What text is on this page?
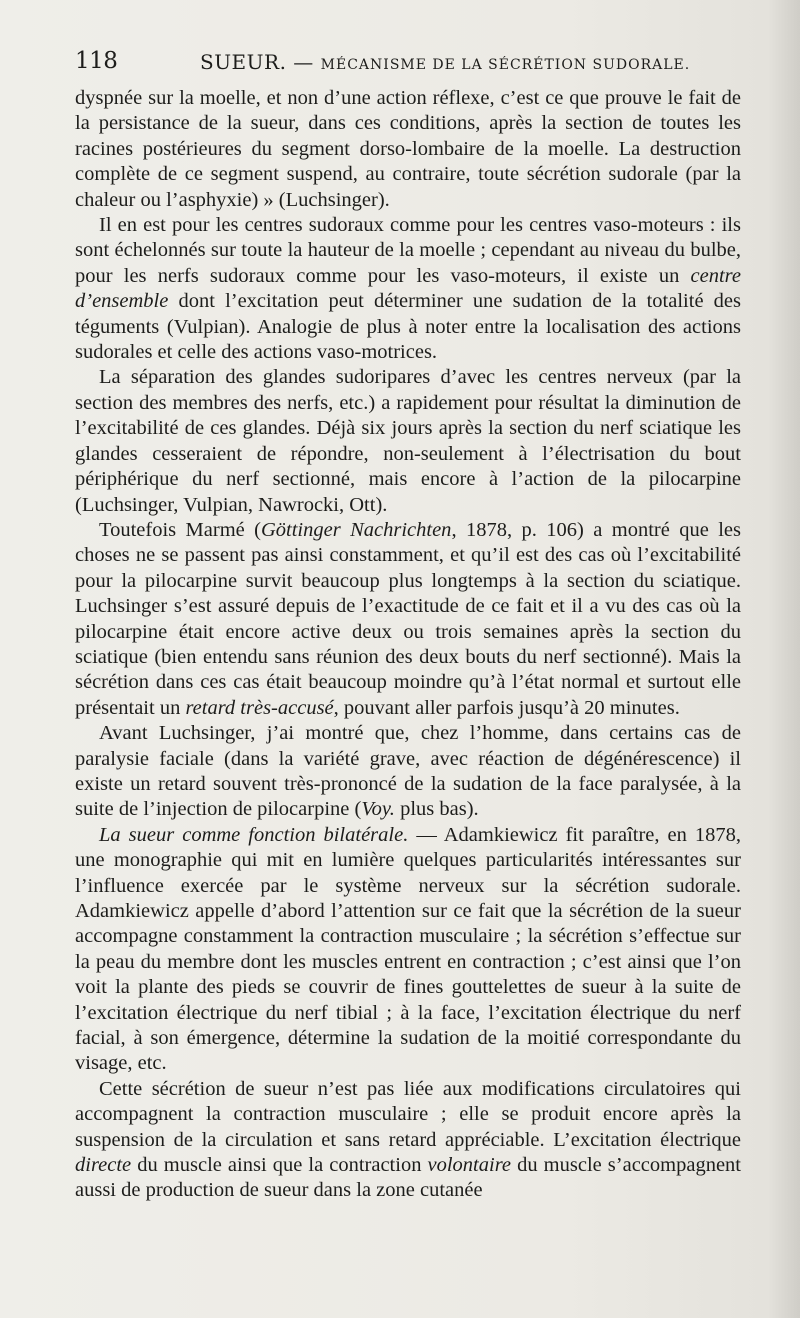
118	SUEUR. — MÉCANISME DE LA SÉCRÉTION SUDORALE.

dyspnée sur la moelle, et non d’une action réflexe, c’est ce que prouve le fait de la persistance de la sueur, dans ces conditions, après la section de toutes les racines postérieures du segment dorso-lombaire de la moelle. La destruction complète de ce segment suspend, au contraire, toute sécrétion sudorale (par la chaleur ou l’asphyxie) » (Luchsinger).

Il en est pour les centres sudoraux comme pour les centres vaso-moteurs : ils sont échelonnés sur toute la hauteur de la moelle ; cependant au niveau du bulbe, pour les nerfs sudoraux comme pour les vaso-moteurs, il existe un centre d’ensemble dont l’excitation peut déterminer une sudation de la totalité des téguments (Vulpian). Analogie de plus à noter entre la localisation des actions sudorales et celle des actions vaso-motrices.

La séparation des glandes sudoripares d’avec les centres nerveux (par la section des membres des nerfs, etc.) a rapidement pour résultat la diminution de l’excitabilité de ces glandes. Déjà six jours après la section du nerf sciatique les glandes cesseraient de répondre, non-seulement à l’électrisation du bout périphérique du nerf sectionné, mais encore à l’action de la pilocarpine (Luchsinger, Vulpian, Nawrocki, Ott).

Toutefois Marmé (Göttinger Nachrichten, 1878, p. 106) a montré que les choses ne se passent pas ainsi constamment, et qu’il est des cas où l’excitabilité pour la pilocarpine survit beaucoup plus longtemps à la section du sciatique. Luchsinger s’est assuré depuis de l’exactitude de ce fait et il a vu des cas où la pilocarpine était encore active deux ou trois semaines après la section du sciatique (bien entendu sans réunion des deux bouts du nerf sectionné). Mais la sécrétion dans ces cas était beaucoup moindre qu’à l’état normal et surtout elle présentait un retard très-accusé, pouvant aller parfois jusqu’à 20 minutes.

Avant Luchsinger, j’ai montré que, chez l’homme, dans certains cas de paralysie faciale (dans la variété grave, avec réaction de dégénérescence) il existe un retard souvent très-prononcé de la sudation de la face paralysée, à la suite de l’injection de pilocarpine (Voy. plus bas).

La sueur comme fonction bilatérale. — Adamkiewicz fit paraître, en 1878, une monographie qui mit en lumière quelques particularités intéressantes sur l’influence exercée par le système nerveux sur la sécrétion sudorale. Adamkiewicz appelle d’abord l’attention sur ce fait que la sécrétion de la sueur accompagne constamment la contraction musculaire ; la sécrétion s’effectue sur la peau du membre dont les muscles entrent en contraction ; c’est ainsi que l’on voit la plante des pieds se couvrir de fines gouttelettes de sueur à la suite de l’excitation électrique du nerf tibial ; à la face, l’excitation électrique du nerf facial, à son émergence, détermine la sudation de la moitié correspondante du visage, etc.

Cette sécrétion de sueur n’est pas liée aux modifications circulatoires qui accompagnent la contraction musculaire ; elle se produit encore après la suspension de la circulation et sans retard appréciable. L’excitation électrique directe du muscle ainsi que la contraction volontaire du muscle s’accompagnent aussi de production de sueur dans la zone cutanée
